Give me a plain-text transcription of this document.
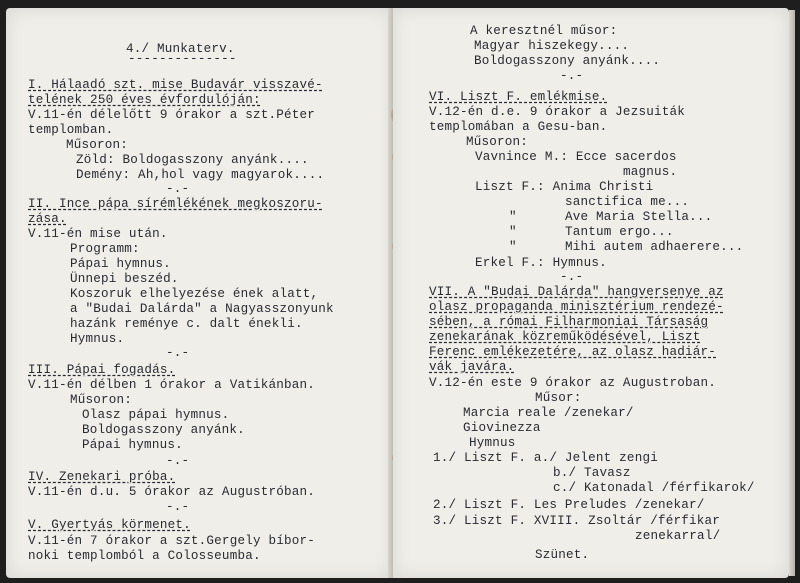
4./ Munkaterv.
--------------
I. Hálaadó szt. mise Budavár visszavé-
telének 250 éves évfordulóján:
V.11-én délelőtt 9 órakor a szt.Péter
templomban.
Műsoron:
Zöld: Boldogasszony anyánk....
Demény: Ah,hol vagy magyarok....
-.-
II. Ince pápa sírémlékének megkoszoru-
zása.
V.11-én mise után.
Programm:
Pápai hymnus.
Ünnepi beszéd.
Koszoruk elhelyezése ének alatt,
a "Budai Dalárda" a Nagyasszonyunk
hazánk reménye c. dalt énekli.
Hymnus.
-.-
III. Pápai fogadás.
V.11-én délben 1 órakor a Vatikánban.
Műsoron:
Olasz pápai hymnus.
Boldogasszony anyánk.
Pápai hymnus.
-.-
IV. Zenekari próba.
V.11-én d.u. 5 órakor az Augustróban.
-.-
V. Gyertyás körmenet.
V.11-én 7 órakor a szt.Gergely bíbor-
noki templomból a Colosseumba.
A keresztnél műsor:
Magyar hiszekegy....
Boldogasszony anyánk....
-.-
VI. Liszt F. emlékmise.
V.12-én d.e. 9 órakor a Jezsuiták
templomában a Gesu-ban.
Műsoron:
Vavnince M.: Ecce sacerdos
magnus.
Liszt F.: Anima Christi
sanctifica me...
"	Ave Maria Stella...
"	Tantum ergo...
"	Mihi autem adhaerere...
Erkel F.: Hymnus.
-.-
VII. A "Budai Dalárda" hangversenye az
olasz propaganda minisztérium rendezé-
sében, a római Filharmoniai Társaság
zenekarának közreműködésével, Liszt
Ferenc emlékezetére, az olasz hadiár-
vák javára.
V.12-én este 9 órakor az Augustroban.
Műsor:
Marcia reale /zenekar/
Giovinezza
Hymnus
1./ Liszt F. a./ Jelent zengi
b./ Tavasz
c./ Katonadal /férfikarok/
2./ Liszt F. Les Preludes /zenekar/
3./ Liszt F. XVIII. Zsoltár /férfikar
zenekarral/
Szünet.
